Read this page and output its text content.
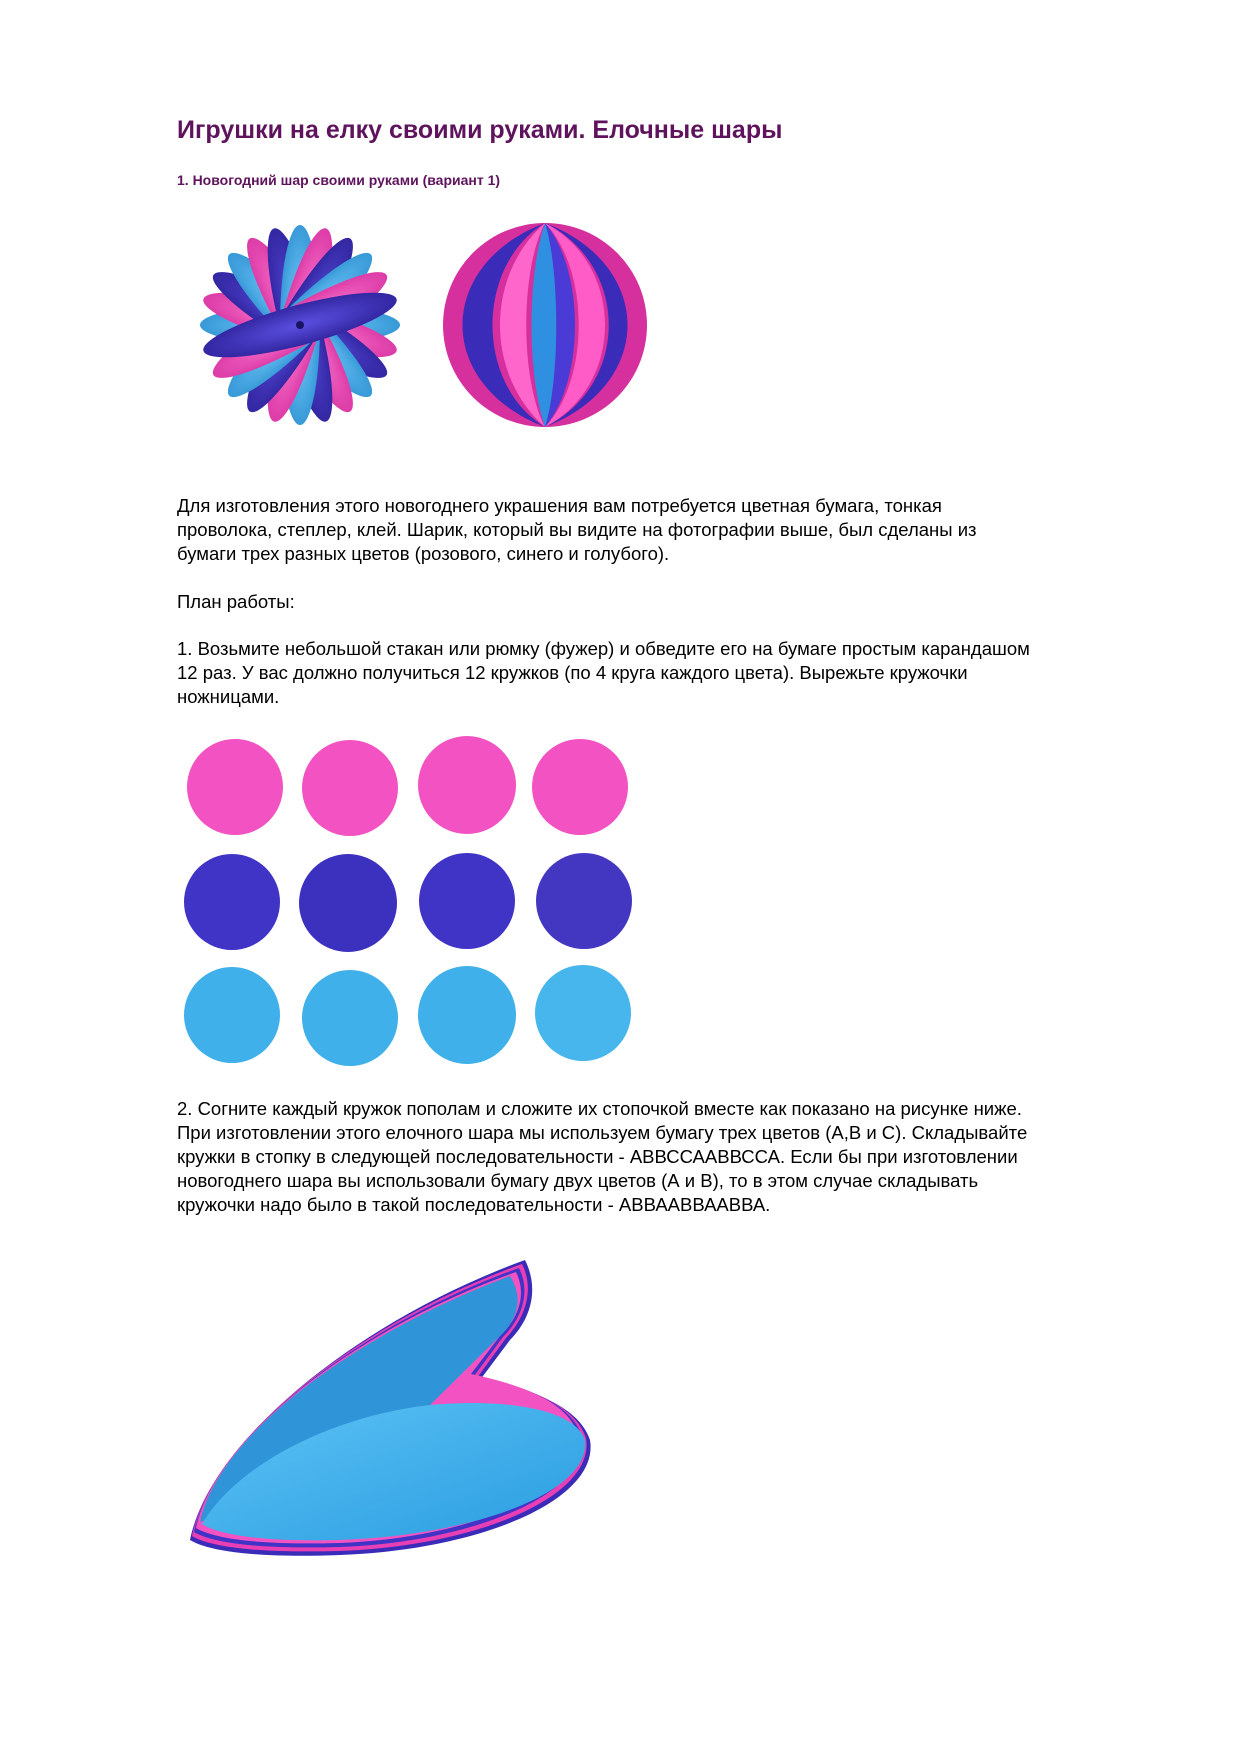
Игрушки на елку своими руками. Елочные шары
1. Новогодний шар своими руками (вариант 1)

Для изготовления этого новогоднего украшения вам потребуется цветная бумага, тонкая
проволока, степлер, клей. Шарик, который вы видите на фотографии выше, был сделаны из
бумаги трех разных цветов (розового, синего и голубого).

План работы:

1. Возьмите небольшой стакан или рюмку (фужер) и обведите его на бумаге простым карандашом
12 раз. У вас должно получиться 12 кружков (по 4 круга каждого цвета). Вырежьте кружочки
ножницами.

2. Согните каждый кружок пополам и сложите их стопочкой вместе как показано на рисунке ниже.
При изготовлении этого елочного шара мы используем бумагу трех цветов (А,В и С). Складывайте
кружки в стопку в следующей последовательности - АВВССААВВССА. Если бы при изготовлении
новогоднего шара вы использовали бумагу двух цветов (А и В), то в этом случае складывать
кружочки надо было в такой последовательности - АВВААВВААВВА.
